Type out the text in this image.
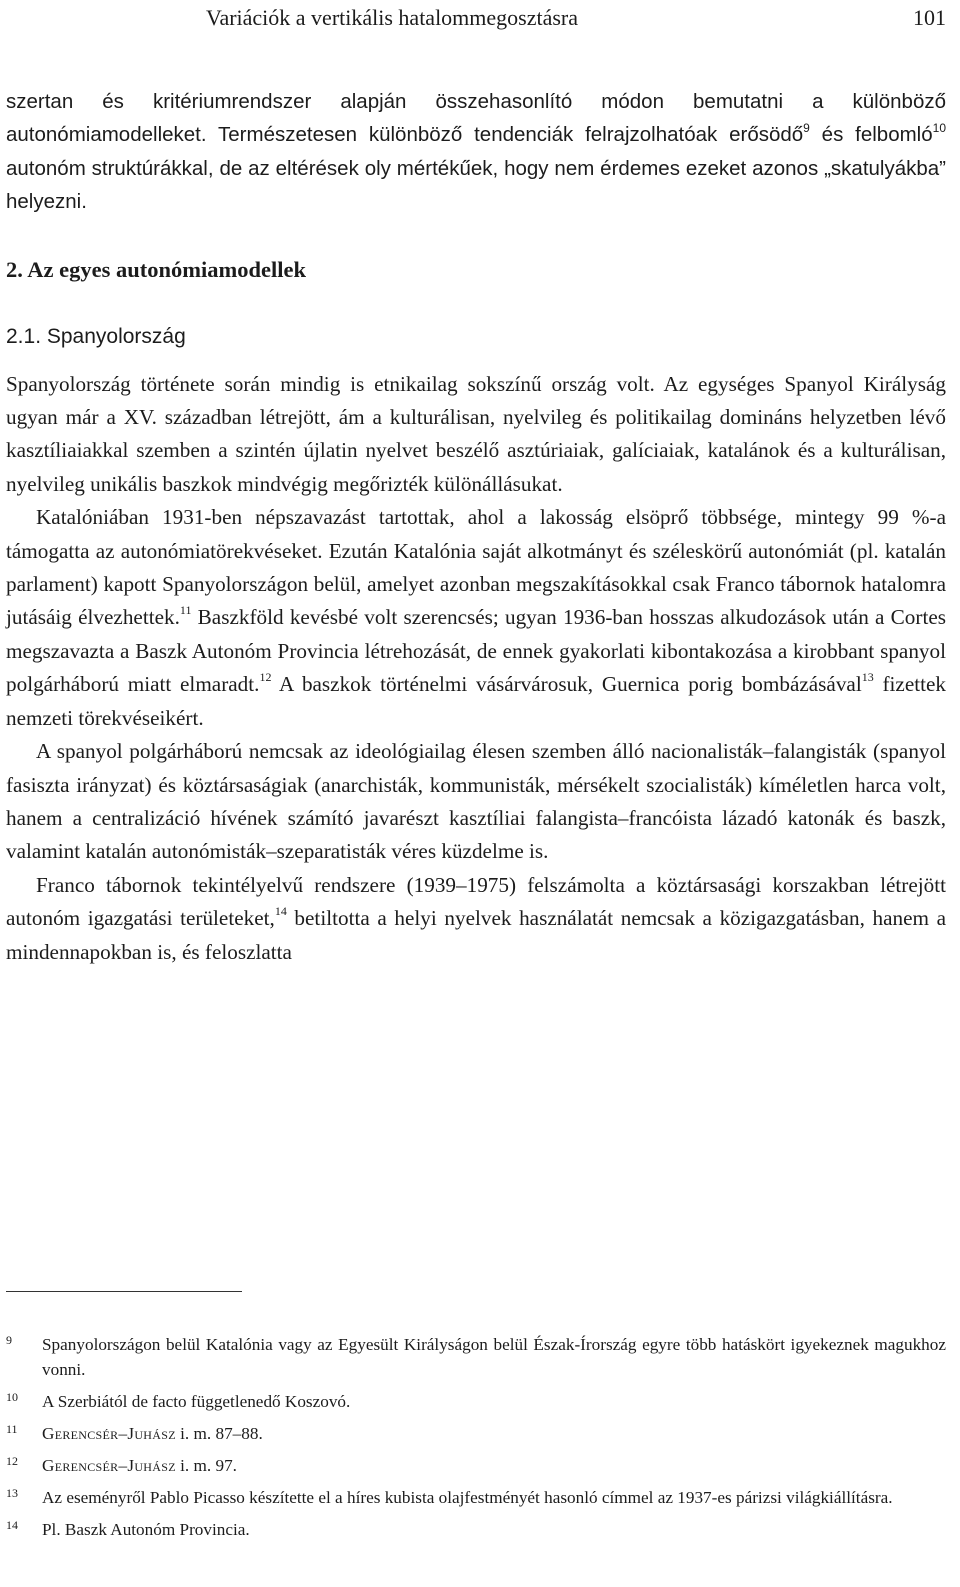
Variációk a vertikális hatalommegosztásra	101

szertan és kritériumrendszer alapján összehasonlító módon bemutatni a különböző autonómiamodelleket. Természetesen különböző tendenciák felrajzolhatóak erősödő$^9$ és felbomló$^{10}$ autonóm struktúrákkal, de az eltérések oly mértékűek, hogy nem érdemes ezeket azonos „skatulyákba” helyezni.

2. Az egyes autonómiamodellek
2.1. Spanyolország

Spanyolország története során mindig is etnikailag sokszínű ország volt. Az egységes Spanyol Királyság ugyan már a XV. században létrejött, ám a kulturálisan, nyelvileg és politikailag domináns helyzetben lévő kasztíliaiakkal szemben a szintén újlatin nyelvet beszélő asztúriaiak, galíciaiak, katalánok és a kulturálisan, nyelvileg unikális baszkok mindvégig megőrizték különállásukat.

Katalóniában 1931-ben népszavazást tartottak, ahol a lakosság elsöprő többsége, mintegy 99 %-a támogatta az autonómiatörekvéseket. Ezután Katalónia saját alkotmányt és széleskörű autonómiát (pl. katalán parlament) kapott Spanyolországon belül, amelyet azonban megszakításokkal csak Franco tábornok hatalomra jutásáig élvezhettek.$^{11}$ Baszkföld kevésbé volt szerencsés; ugyan 1936-ban hosszas alkudozások után a Cortes megszavazta a Baszk Autonóm Provincia létrehozását, de ennek gyakorlati kibontakozása a kirobbant spanyol polgárháború miatt elmaradt.$^{12}$ A baszkok történelmi vásárvárosuk, Guernica porig bombázásával$^{13}$ fizettek nemzeti törekvéseikért.

A spanyol polgárháború nemcsak az ideológiailag élesen szemben álló nacionalisták–falangisták (spanyol fasiszta irányzat) és köztársaságiak (anarchisták, kommunisták, mérsékelt szocialisták) kíméletlen harca volt, hanem a centralizáció hívének számító javarészt kasztíliai falangista–francóista lázadó katonák és baszk, valamint katalán autonómisták–szeparatisták véres küzdelme is.

Franco tábornok tekintélyelvű rendszere (1939–1975) felszámolta a köztársasági korszakban létrejött autonóm igazgatási területeket,$^{14}$ betiltotta a helyi nyelvek használatát nemcsak a közigazgatásban, hanem a mindennapokban is, és feloszlatta

9 Spanyolországon belül Katalónia vagy az Egyesült Királyságon belül Észak-Írország egyre több hatáskört igyekeznek magukhoz vonni.
10 A Szerbiától de facto függetlenedő Koszovó.
11 Gerencsér–Juhász i. m. 87–88.
12 Gerencsér–Juhász i. m. 97.
13 Az eseményről Pablo Picasso készítette el a híres kubista olajfestményét hasonló címmel az 1937-es párizsi világkiállításra.
14 Pl. Baszk Autonóm Provincia.
